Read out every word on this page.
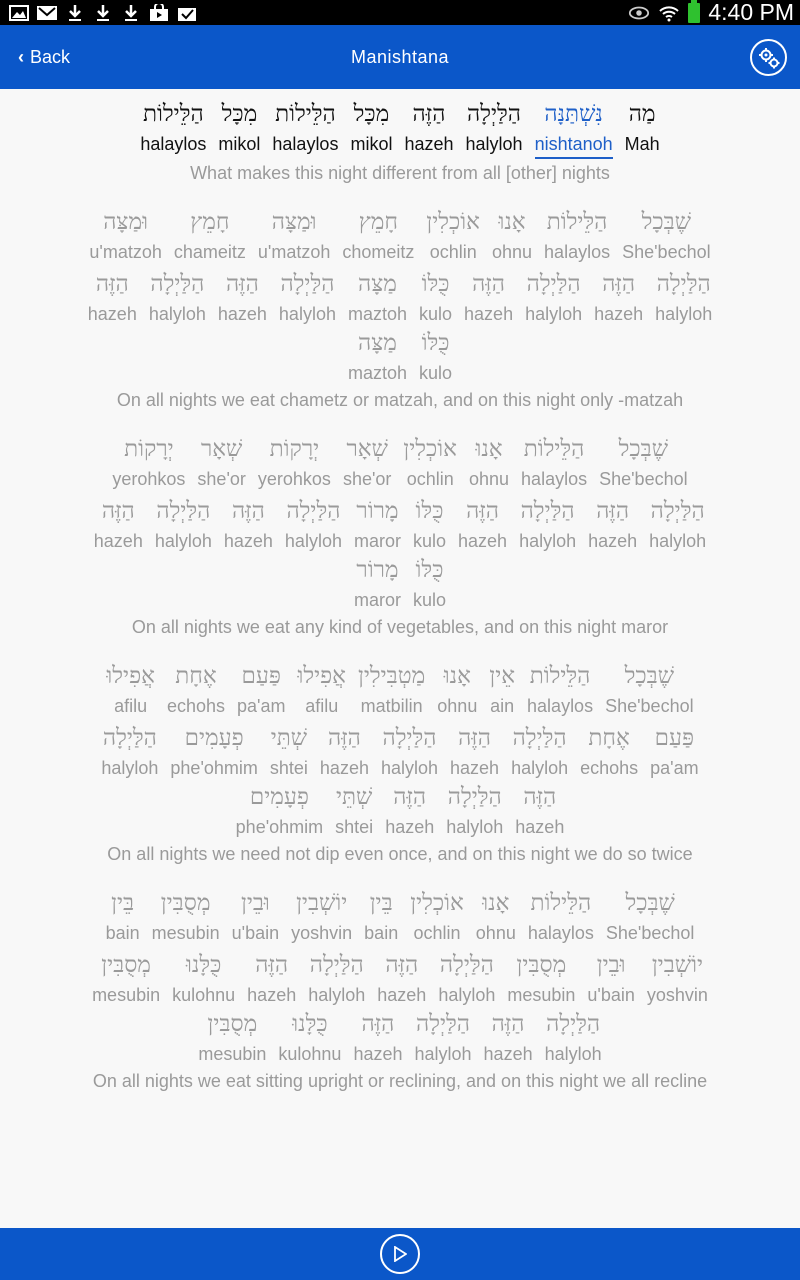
4:40 PM
‹ Back	Manishtana
מַה
Mah
נִּשְׁתַּנָּה
nishtanoh
הַלַּיְלָה
halyloh
הַזֶּה
hazeh
מִכָּל
mikol
הַלֵּילוֹת
halaylos
מִכָּל
mikol
הַלֵּילוֹת
halaylos
What makes this night different from all [other] nights
שֶׁבְּכָל
She'bechol
הַלֵּילוֹת
halaylos
אָנוּ
ohnu
אוֹכְלִין
ochlin
חָמֵץ
chomeitz
וּמַצָּה
u'matzoh
חָמֵץ
chameitz
וּמַצָּה
u'matzoh
הַלַּיְלָה
halyloh
הַזֶּה
hazeh
הַלַּיְלָה
halyloh
הַזֶּה
hazeh
כֻּלּוֹ
kulo
מַצָּה
maztoh
הַלַּיְלָה
halyloh
הַזֶּה
hazeh
הַלַּיְלָה
halyloh
הַזֶּה
hazeh
כֻּלּוֹ
kulo
מַצָּה
maztoh
On all nights we eat chametz or matzah, and on this night only -matzah
שֶׁבְּכָל
She'bechol
הַלֵּילוֹת
halaylos
אָנוּ
ohnu
אוֹכְלִין
ochlin
שְׁאָר
she'or
יְרָקוֹת
yerohkos
שְׁאָר
she'or
יְרָקוֹת
yerohkos
הַלַּיְלָה
halyloh
הַזֶּה
hazeh
הַלַּיְלָה
halyloh
הַזֶּה
hazeh
כֻּלּוֹ
kulo
מָרוֹר
maror
הַלַּיְלָה
halyloh
הַזֶּה
hazeh
הַלַּיְלָה
halyloh
הַזֶּה
hazeh
כֻּלּוֹ
kulo
מָרוֹר
maror
On all nights we eat any kind of vegetables, and on this night maror
שֶׁבְּכָל
She'bechol
הַלֵּילוֹת
halaylos
אֵין
ain
אָנוּ
ohnu
מַטְבִּילִין
matbilin
אֲפִילוּ
afilu
פַּעַם
pa'am
אֶחָת
echohs
אֲפִילוּ
afilu
פַּעַם
pa'am
אֶחָת
echohs
הַלַּיְלָה
halyloh
הַזֶּה
hazeh
הַלַּיְלָה
halyloh
הַזֶּה
hazeh
שְׁתֵּי
shtei
פְעָמִים
phe'ohmim
הַלַּיְלָה
halyloh
הַזֶּה
hazeh
הַלַּיְלָה
halyloh
הַזֶּה
hazeh
שְׁתֵּי
shtei
פְעָמִים
phe'ohmim
On all nights we need not dip even once, and on this night we do so twice
שֶׁבְּכָל
She'bechol
הַלֵּילוֹת
halaylos
אָנוּ
ohnu
אוֹכְלִין
ochlin
בֵּין
bain
יוֹשְׁבִין
yoshvin
וּבֵין
u'bain
מְסֻבִּין
mesubin
בֵּין
bain
יוֹשְׁבִין
yoshvin
וּבֵין
u'bain
מְסֻבִּין
mesubin
הַלַּיְלָה
halyloh
הַזֶּה
hazeh
הַלַּיְלָה
halyloh
הַזֶּה
hazeh
כֻּלָּנוּ
kulohnu
מְסֻבִּין
mesubin
הַלַּיְלָה
halyloh
הַזֶּה
hazeh
הַלַּיְלָה
halyloh
הַזֶּה
hazeh
כֻּלָּנוּ
kulohnu
מְסֻבִּין
mesubin
On all nights we eat sitting upright or reclining, and on this night we all recline
